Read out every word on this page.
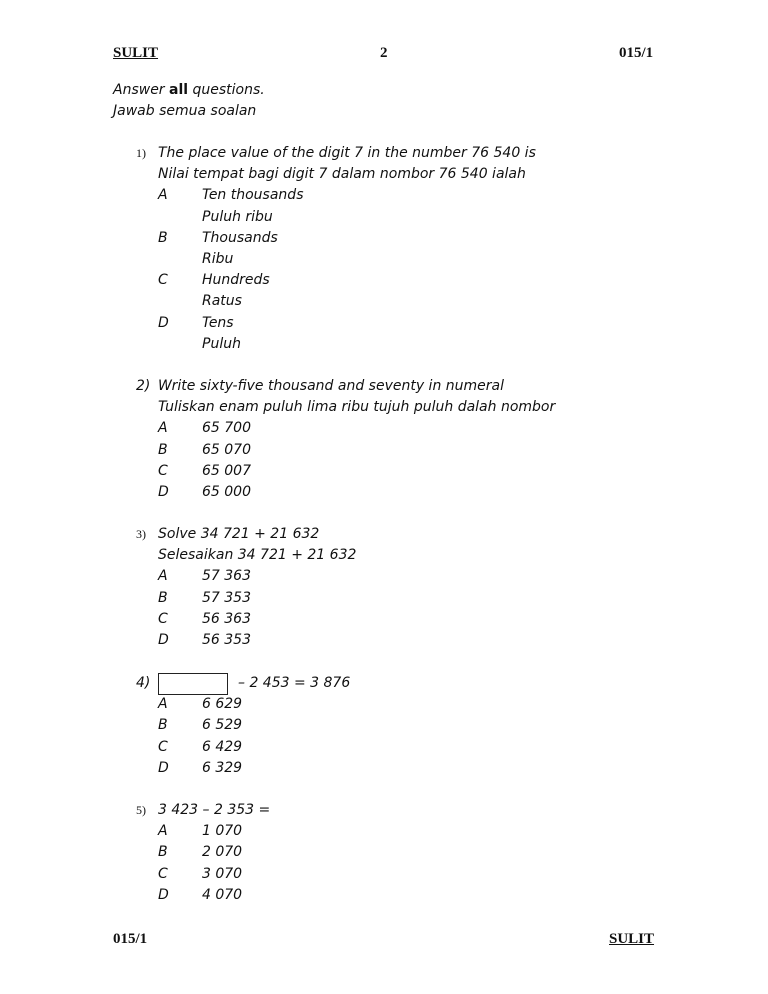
SULIT	2	015/1
Answer all questions.
Jawab semua soalan
1) The place value of the digit 7 in the number 76 540 is
Nilai tempat bagi digit 7 dalam nombor 76 540 ialah
A	Ten thousands
Puluh ribu
B	Thousands
Ribu
C	Hundreds
Ratus
D	Tens
Puluh
2) Write sixty-five thousand and seventy in numeral
Tuliskan enam puluh lima ribu tujuh puluh dalah nombor
A	65 700
B	65 070
C	65 007
D	65 000
3) Solve 34 721 + 21 632
Selesaikan 34 721 + 21 632
A	57 363
B	57 353
C	56 363
D	56 353
4)	– 2 453 = 3 876
A	6 629
B	6 529
C	6 429
D	6 329
5) 3 423 – 2 353 =
A	1 070
B	2 070
C	3 070
D	4 070
015/1	SULIT
